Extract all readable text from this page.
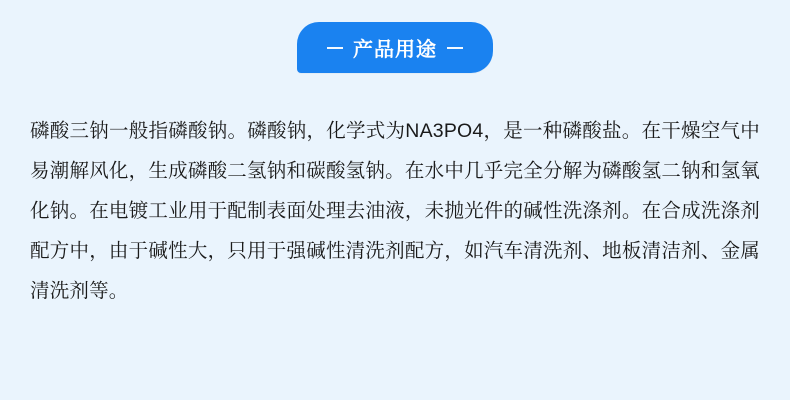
产品用途

磷酸三钠一般指磷酸钠。磷酸钠，化学式为NA3PO4，是一种磷酸盐。在干燥空气中易潮解风化，生成磷酸二氢钠和碳酸氢钠。在水中几乎完全分解为磷酸氢二钠和氢氧化钠。在电镀工业用于配制表面处理去油液，未抛光件的碱性洗涤剂。在合成洗涤剂配方中，由于碱性大，只用于强碱性清洗剂配方，如汽车清洗剂、地板清洁剂、金属清洗剂等。
